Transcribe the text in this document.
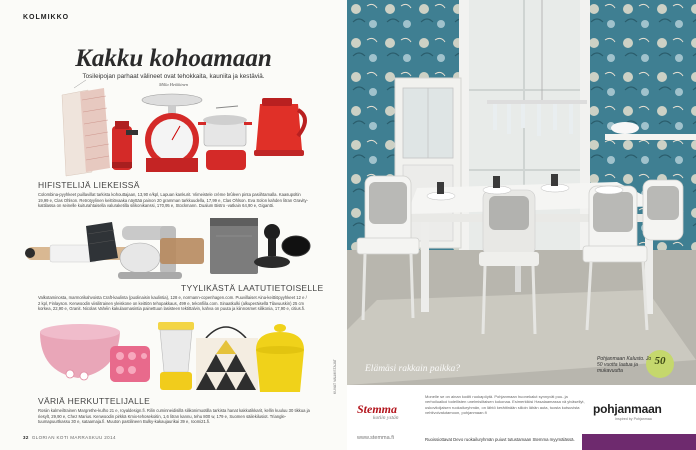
KOLMIKKO
Kakku kohoamaan
Tosileipojan parhaat välineet ovat tehokkaita, kauniita ja kestäviä.
Milla Heikkinen
HIFISTELIJÄ LIEKEISSÄ
Colombina-pyyhkeet puillavillat tarkista kohouttajaan, 13,90 e/kpl, Lapuan kankurit. Viimeistele crème brûleen pinta pasiihtamalla. Kaasupoltin 19,99 e, Clas Ohlson. Retrotyylinen keittiövaaka näyttää painon 20 gramman tarkkuudella, 17,99 e, Clas Ohlson. Eva Solon kahden litran Gravity-kattilassa on seinelle kuiturahtaisella valuraketilla silikonikanssi, 170,95 e, Stockmann. Dualum Bistro -vatkain 64,90 e, Gigantti.
TYYLIKÄSTÄ LAATUTIETOISELLE
Valkotaminosta, marmorikahvoista Craft-kaulinta (puolinaisin kaulintia), 128 e, normann-copenhagen.com. Puuvillaiset Aina-keittiöpyyhkeet 12 e / 2 kpl, Finlayson. Kenwoodin viisilitrainen yleiskone on keittiön tehopakkaus, 499 e, tekonfiila.com. Sinaatkulki (alkuperäisellä Tilavuuskin) 25 cm korkea, 22,90 e, Granit. Nicolas Vahéin kakulaomasintia painettuun lasisteen tektittalvin, kahva on puuta ja kiinnosmet silikonia, 17,90 e, citius.fi.
VÄRIÄ HERKUTTELIJALLE
Rosiin kalmeiltrainen Margrethe-kulho 21 e, royaldesign.fi. Rilin cuminneidisillä silikonimuotilla tarkista hanat kakkutikkarit, kellin kuuluu 30 tikkua ja riesylt, 29,90 e, Chez Marius. Kenwoodin pirkkä Kmix-tehosekoitin, 1,6 litran kannu, tehu 800 w, 179 e, Suomen säilekilusiot. Triangle-tuumapuurtkassu 30 e, sataamaja.fi. Muuton pastilineen Bulky-kakaujaurikai 39 e, roomi21.fi.
32 GLORIAN KOTI MARRASKUU 2014
KUVAT VALMISTAJAT	Elämäsi rakkain paikka?
Pohjanmaan Kalusto. Jo 50 vuotta laatua ja mukavuutta
50
Stemma
kotiin ystän
Monelle se on ainan koditi ruokapöytä. Pohjanmaan huonekalut synnyvät puu- ja verhoiluaikoi todellisten unelmisiltaisen kokonaa. Esimerkikisi Hasalaamassa vä ylväsellyt, uskoviioljaisen ruokailuryhmän, on lähtö kerättinään silloin lähän auta, tuosta kutsuvista vehtivoivalutamoon, pohjanmaan.fi	pohjanmaan
Inspired by Pohjanmaa
www.stemma.fi	Ruoissiottavat Devo ruokailuryhmän puiuvt tutustamaan Stemma myymälässä.
